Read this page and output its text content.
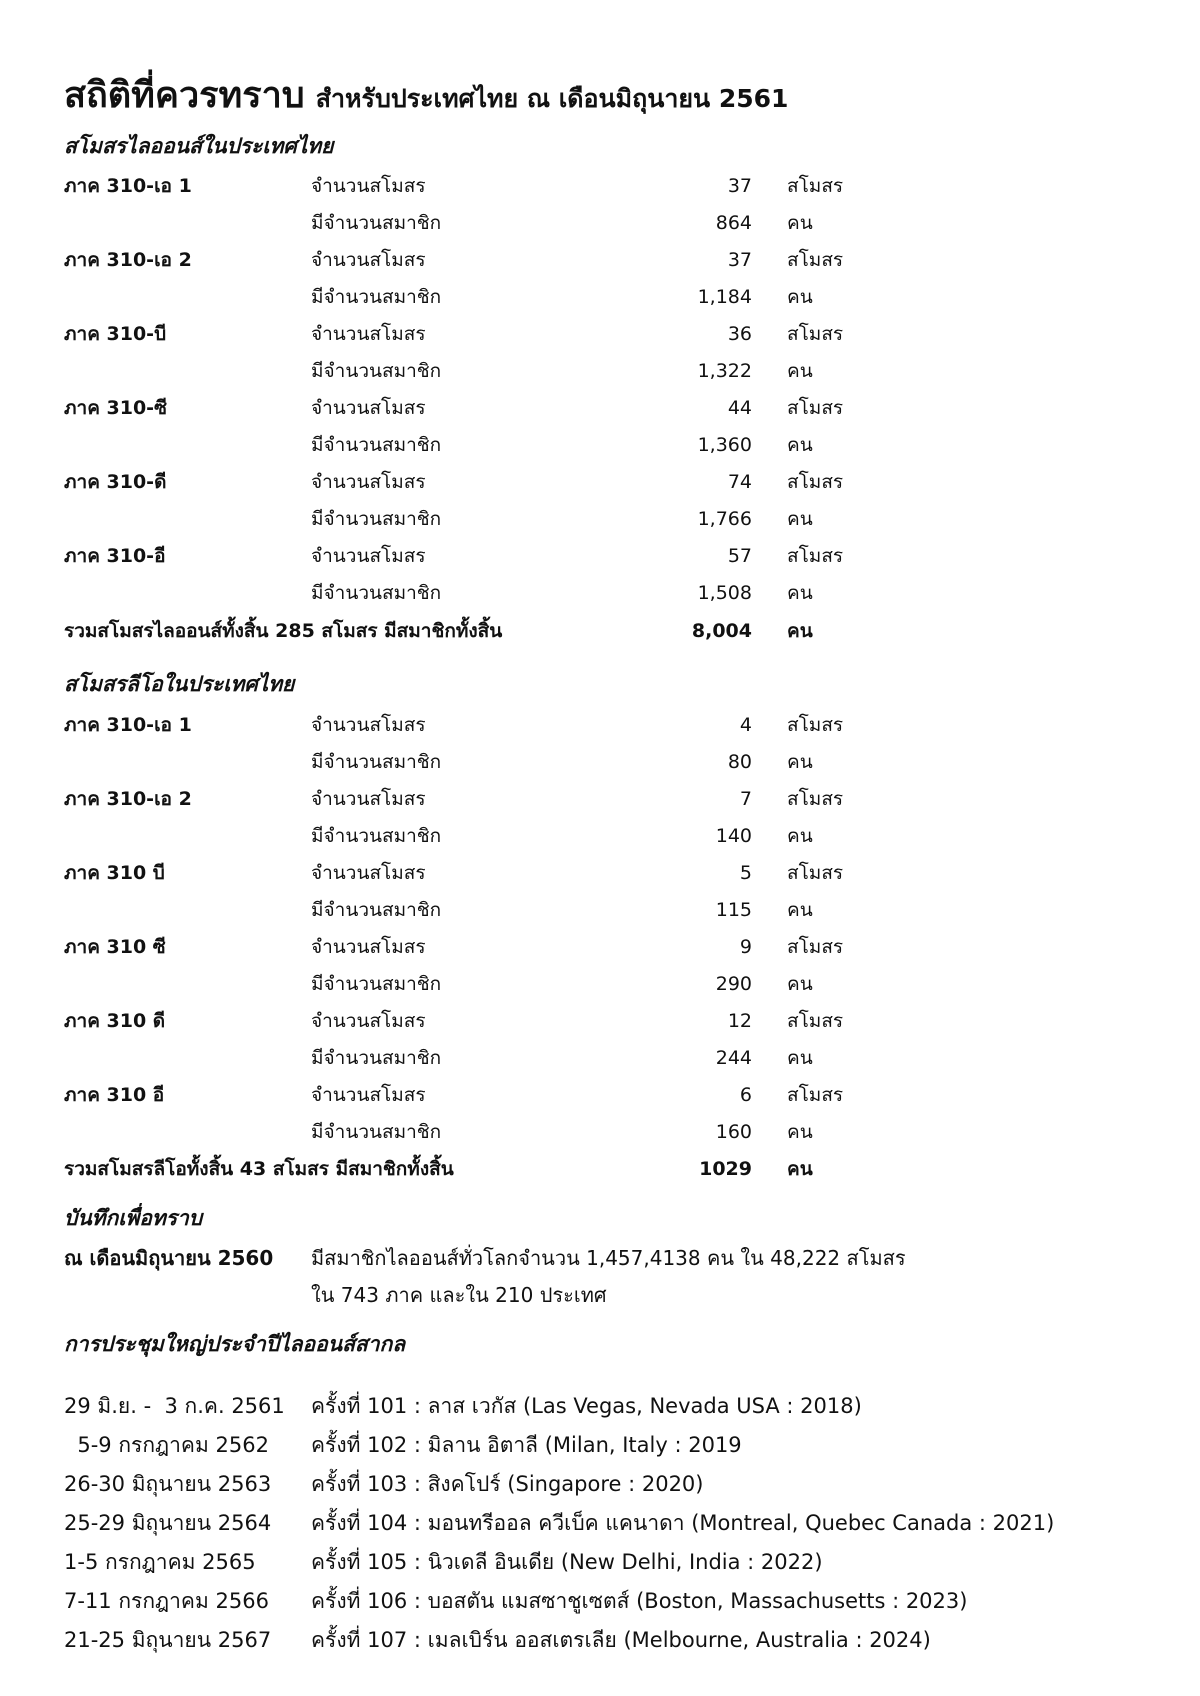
สถิติที่ควรทราบ สำหรับประเทศไทย ณ เดือนมิถุนายน 2561
สโมสรไลออนส์ในประเทศไทย
ภาค 310-เอ 1	จำนวนสโมสร	37 สโมสร
มีจำนวนสมาชิก	864 คน
ภาค 310-เอ 2	จำนวนสโมสร	37 สโมสร
มีจำนวนสมาชิก	1,184 คน
ภาค 310-บี	จำนวนสโมสร	36 สโมสร
มีจำนวนสมาชิก	1,322 คน
ภาค 310-ซี	จำนวนสโมสร	44 สโมสร
มีจำนวนสมาชิก	1,360 คน
ภาค 310-ดี	จำนวนสโมสร	74 สโมสร
มีจำนวนสมาชิก	1,766 คน
ภาค 310-อี	จำนวนสโมสร	57 สโมสร
มีจำนวนสมาชิก	1,508 คน
รวมสโมสรไลออนส์ทั้งสิ้น 285 สโมสร มีสมาชิกทั้งสิ้น	8,004 คน
สโมสรลีโอในประเทศไทย
ภาค 310-เอ 1	จำนวนสโมสร	4 สโมสร
มีจำนวนสมาชิก	80 คน
ภาค 310-เอ 2	จำนวนสโมสร	7 สโมสร
มีจำนวนสมาชิก	140 คน
ภาค 310 บี	จำนวนสโมสร	5 สโมสร
มีจำนวนสมาชิก	115 คน
ภาค 310 ซี	จำนวนสโมสร	9 สโมสร
มีจำนวนสมาชิก	290 คน
ภาค 310 ดี	จำนวนสโมสร	12 สโมสร
มีจำนวนสมาชิก	244 คน
ภาค 310 อี	จำนวนสโมสร	6 สโมสร
มีจำนวนสมาชิก	160 คน
รวมสโมสรลีโอทั้งสิ้น 43 สโมสร มีสมาชิกทั้งสิ้น	1029 คน
บันทึกเพื่อทราบ
ณ เดือนมิถุนายน 2560 มีสมาชิกไลออนส์ทั่วโลกจำนวน 1,457,4138 คน ใน 48,222 สโมสร
ใน 743 ภาค และใน 210 ประเทศ
การประชุมใหญ่ประจำปีไลออนส์สากล
29 มิ.ย. -  3 ก.ค. 2561 ครั้งที่ 101 : ลาส เวกัส (Las Vegas, Nevada USA : 2018)
5-9 กรกฎาคม 2562 ครั้งที่ 102 : มิลาน อิตาลี (Milan, Italy : 2019
26-30 มิถุนายน 2563 ครั้งที่ 103 : สิงคโปร์ (Singapore : 2020)
25-29 มิถุนายน 2564 ครั้งที่ 104 : มอนทรีออล ควีเบ็ค แคนาดา (Montreal, Quebec Canada : 2021)
1-5 กรกฎาคม 2565	ครั้งที่ 105 : นิวเดลี อินเดีย (New Delhi, India : 2022)
7-11 กรกฎาคม 2566 ครั้งที่ 106 : บอสตัน แมสซาชูเซตส์ (Boston, Massachusetts : 2023)
21-25 มิถุนายน 2567 ครั้งที่ 107 : เมลเบิร์น ออสเตรเลีย (Melbourne, Australia : 2024)
